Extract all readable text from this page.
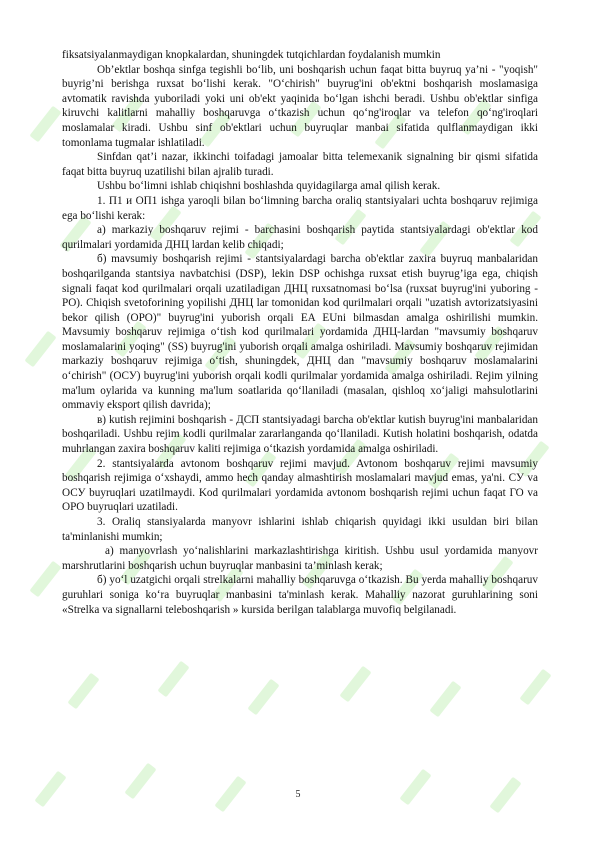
fiksatsiyalanmaydigan knopkalardan, shuningdek tutqichlardan foydalanish mumkin

Ob’ektlar boshqa sinfga tegishli bo‘lib, uni boshqarish uchun faqat bitta buyruq ya’ni - "yoqish" buyrig’ni berishga ruxsat bo‘lishi kerak. "O‘chirish" buyrug'ini ob'ektni boshqarish moslamasiga avtomatik ravishda yuboriladi yoki uni ob'ekt yaqinida bo‘lgan ishchi beradi. Ushbu ob'ektlar sinfiga kiruvchi kalitlarni mahalliy boshqaruvga o‘tkazish uchun qo‘ng'iroqlar va telefon qo‘ng'iroqlari moslamalar kiradi. Ushbu sinf ob'ektlari uchun buyruqlar manbai sifatida qulflanmaydigan ikki tomonlama tugmalar ishlatiladi.

Sinfdan qat’i nazar, ikkinchi toifadagi jamoalar bitta telemexanik signalning bir qismi sifatida faqat bitta buyruq uzatilishi bilan ajralib turadi.

Ushbu bo‘limni ishlab chiqishni boshlashda quyidagilarga amal qilish kerak.

1. П1 и ОП1 ishga yaroqli bilan bo‘limning barcha oraliq stantsiyalari uchta boshqaruv rejimiga ega bo‘lishi kerak:

а) markaziy boshqaruv rejimi - barchasini boshqarish paytida stantsiyalardagi ob'ektlar kod qurilmalari yordamida ДНЦ lardan kelib chiqadi;

б) mavsumiy boshqarish rejimi - stantsiyalardagi barcha ob'ektlar zaxira buyruq manbalaridan boshqarilganda stantsiya navbatchisi (DSP), lekin DSP ochishga ruxsat etish buyrug’iga ega, chiqish signali faqat kod qurilmalari orqali uzatiladigan ДНЦ ruxsatnomasi bo‘lsa (ruxsat buyrug'ini yuboring - PO). Chiqish svetoforining yopilishi ДНЦ lar tomonidan kod qurilmalari orqali "uzatish avtorizatsiyasini bekor qilish (OPO)" buyrug'ini yuborish orqali EA EUni bilmasdan amalga oshirilishi mumkin. Mavsumiy boshqaruv rejimiga o‘tish kod qurilmalari yordamida ДНЦ-lardan "mavsumiy boshqaruv moslamalarini yoqing" (SS) buyrug'ini yuborish orqali amalga oshiriladi. Mavsumiy boshqaruv rejimidan markaziy boshqaruv rejimiga o‘tish, shuningdek, ДНЦ dan "mavsumiy boshqaruv moslamalarini o‘chirish" (ОСУ) buyrug'ini yuborish orqali kodli qurilmalar yordamida amalga oshiriladi. Rejim yilning ma'lum oylarida va kunning ma'lum soatlarida qo‘llaniladi (masalan, qishloq xo‘jaligi mahsulotlarini ommaviy eksport qilish davrida);

в) kutish rejimini boshqarish - ДСП stantsiyadagi barcha ob'ektlar kutish buyrug'ini manbalaridan boshqariladi. Ushbu rejim kodli qurilmalar zararlanganda qo‘llaniladi. Kutish holatini boshqarish, odatda muhrlangan zaxira boshqaruv kaliti rejimiga o‘tkazish yordamida amalga oshiriladi.

2. stantsiyalarda avtonom boshqaruv rejimi mavjud. Avtonom boshqaruv rejimi mavsumiy boshqarish rejimiga o‘xshaydi, ammo hech qanday almashtirish moslamalari mavjud emas, ya'ni. СУ va ОСУ buyruqlari uzatilmaydi. Kod qurilmalari yordamida avtonom boshqarish rejimi uchun faqat ГО va OPO buyruqlari uzatiladi.

3. Oraliq stansiyalarda manyovr ishlarini ishlab chiqarish quyidagi ikki usuldan biri bilan ta'minlanishi mumkin;

а) manyovrlash yo‘nalishlarini markazlashtirishga kiritish. Ushbu usul yordamida manyovr marshrutlarini boshqarish uchun buyruqlar manbasini ta’minlash kerak;

б) yo‘l uzatgichi orqali strelkalarni mahalliy boshqaruvga o‘tkazish. Bu yerda mahalliy boshqaruv guruhlari soniga ko‘ra buyruqlar manbasini ta'minlash kerak. Mahalliy nazorat guruhlarining soni «Strelka va signallarni teleboshqarish » kursida berilgan talablarga muvofiq belgilanadi.

5
